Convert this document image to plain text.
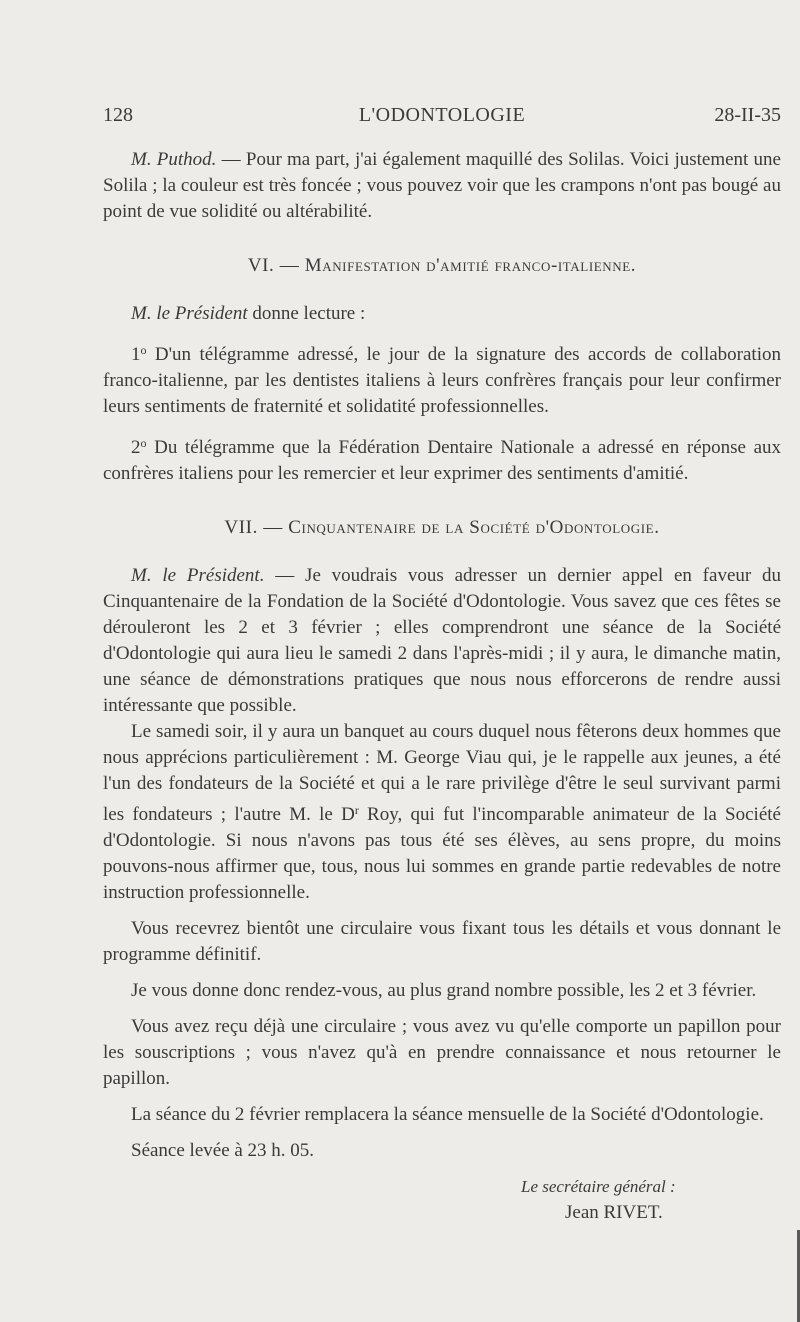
128	L'ODONTOLOGIE	28-II-35

M. Puthod. — Pour ma part, j'ai également maquillé des Solilas. Voici justement une Solila ; la couleur est très foncée ; vous pouvez voir que les crampons n'ont pas bougé au point de vue solidité ou altérabilité.

VI. — Manifestation d'amitié franco-italienne.

M. le Président donne lecture :

1$^o$ D'un télégramme adressé, le jour de la signature des accords de collaboration franco-italienne, par les dentistes italiens à leurs confrères français pour leur confirmer leurs sentiments de fraternité et solidatité professionnelles.

2$^o$ Du télégramme que la Fédération Dentaire Nationale a adressé en réponse aux confrères italiens pour les remercier et leur exprimer des sentiments d'amitié.

VII. — Cinquantenaire de la Société d'Odontologie.

M. le Président. — Je voudrais vous adresser un dernier appel en faveur du Cinquantenaire de la Fondation de la Société d'Odontologie. Vous savez que ces fêtes se dérouleront les 2 et 3 février ; elles comprendront une séance de la Société d'Odontologie qui aura lieu le samedi 2 dans l'après-midi ; il y aura, le dimanche matin, une séance de démonstrations pratiques que nous nous efforcerons de rendre aussi intéressante que possible.

Le samedi soir, il y aura un banquet au cours duquel nous fêterons deux hommes que nous apprécions particulièrement : M. George Viau qui, je le rappelle aux jeunes, a été l'un des fondateurs de la Société et qui a le rare privilège d'être le seul survivant parmi les fondateurs ; l'autre M. le $D^r$ Roy, qui fut l'incomparable animateur de la Société d'Odontologie. Si nous n'avons pas tous été ses élèves, au sens propre, du moins pouvons-nous affirmer que, tous, nous lui sommes en grande partie redevables de notre instruction professionnelle.

Vous recevrez bientôt une circulaire vous fixant tous les détails et vous donnant le programme définitif.

Je vous donne donc rendez-vous, au plus grand nombre possible, les 2 et 3 février.

Vous avez reçu déjà une circulaire ; vous avez vu qu'elle comporte un papillon pour les souscriptions ; vous n'avez qu'à en prendre connaissance et nous retourner le papillon.

La séance du 2 février remplacera la séance mensuelle de la Société d'Odontologie.

Séance levée à 23 h. 05.

Le secrétaire général :
Jean RIVET.
